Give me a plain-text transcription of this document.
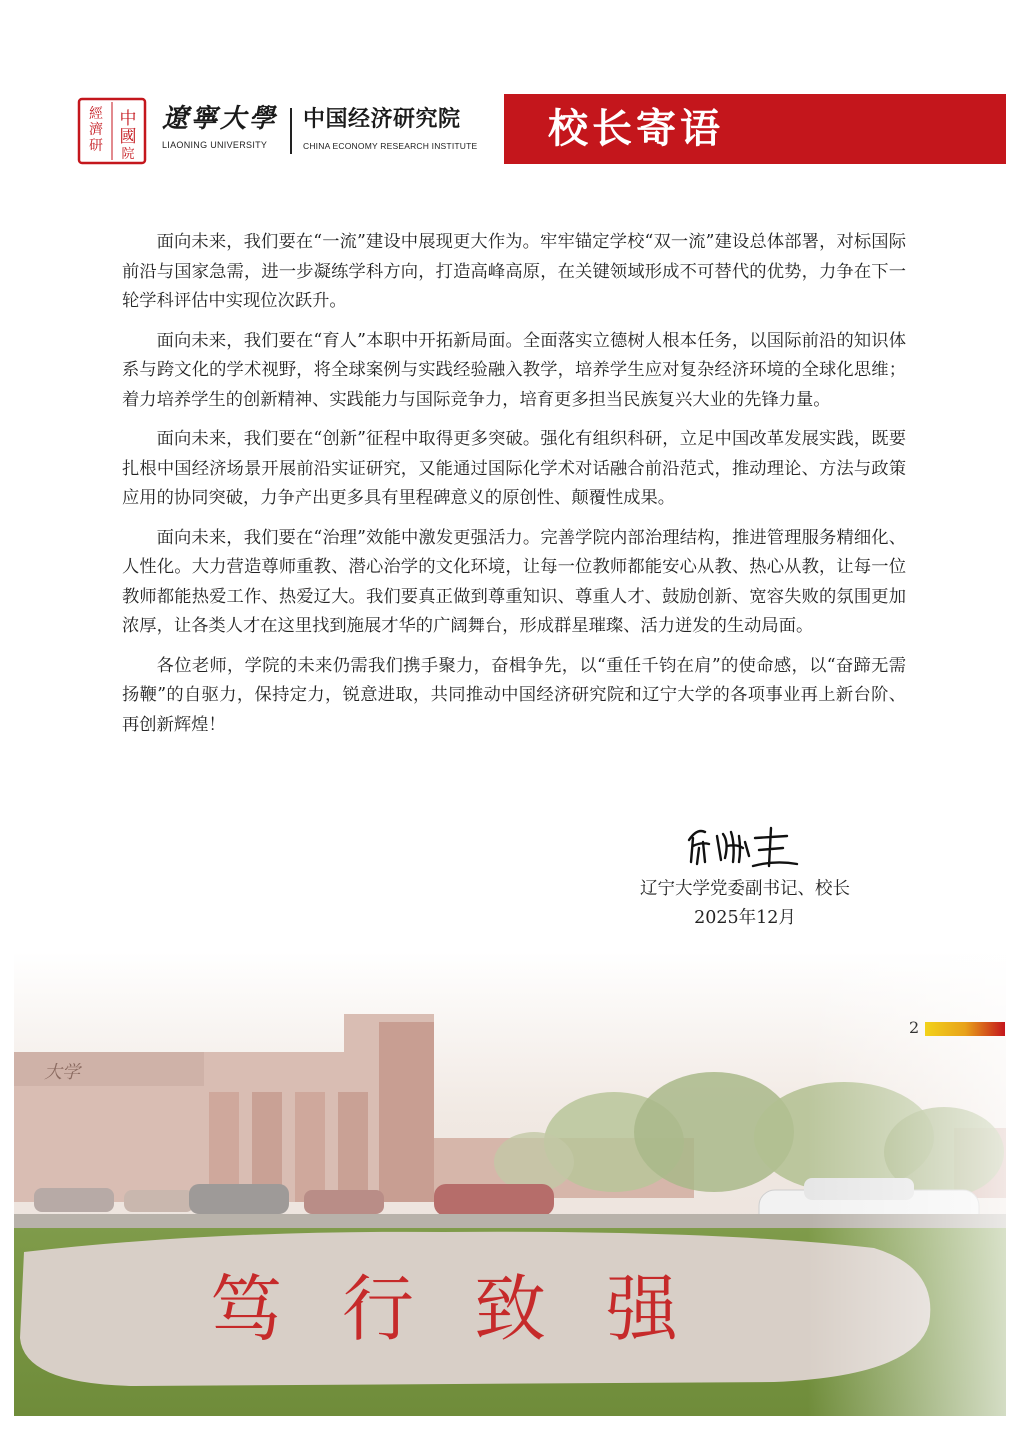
中
國
經
濟
研
院
遼寧大學
LIAONING UNIVERSITY
中国经济研究院
CHINA ECONOMY RESEARCH INSTITUTE	校长寄语

面向未来，我们要在“一流”建设中展现更大作为。牢牢锚定学校“双一流”建设总体部署，对标国际前沿与国家急需，进一步凝练学科方向，打造高峰高原，在关键领域形成不可替代的优势，力争在下一轮学科评估中实现位次跃升。

面向未来，我们要在“育人”本职中开拓新局面。全面落实立德树人根本任务，以国际前沿的知识体系与跨文化的学术视野，将全球案例与实践经验融入教学，培养学生应对复杂经济环境的全球化思维；着力培养学生的创新精神、实践能力与国际竞争力，培育更多担当民族复兴大业的先锋力量。

面向未来，我们要在“创新”征程中取得更多突破。强化有组织科研，立足中国改革发展实践，既要扎根中国经济场景开展前沿实证研究，又能通过国际化学术对话融合前沿范式，推动理论、方法与政策应用的协同突破，力争产出更多具有里程碑意义的原创性、颠覆性成果。

面向未来，我们要在“治理”效能中激发更强活力。完善学院内部治理结构，推进管理服务精细化、人性化。大力营造尊师重教、潜心治学的文化环境，让每一位教师都能安心从教、热心从教，让每一位教师都能热爱工作、热爱辽大。我们要真正做到尊重知识、尊重人才、鼓励创新、宽容失败的氛围更加浓厚，让各类人才在这里找到施展才华的广阔舞台，形成群星璀璨、活力迸发的生动局面。

各位老师，学院的未来仍需我们携手聚力，奋楫争先，以“重任千钧在肩”的使命感，以“奋蹄无需扬鞭”的自驱力，保持定力，锐意进取，共同推动中国经济研究院和辽宁大学的各项事业再上新台阶、再创新辉煌！

辽宁大学党委副书记、校长
2025年12月
2
